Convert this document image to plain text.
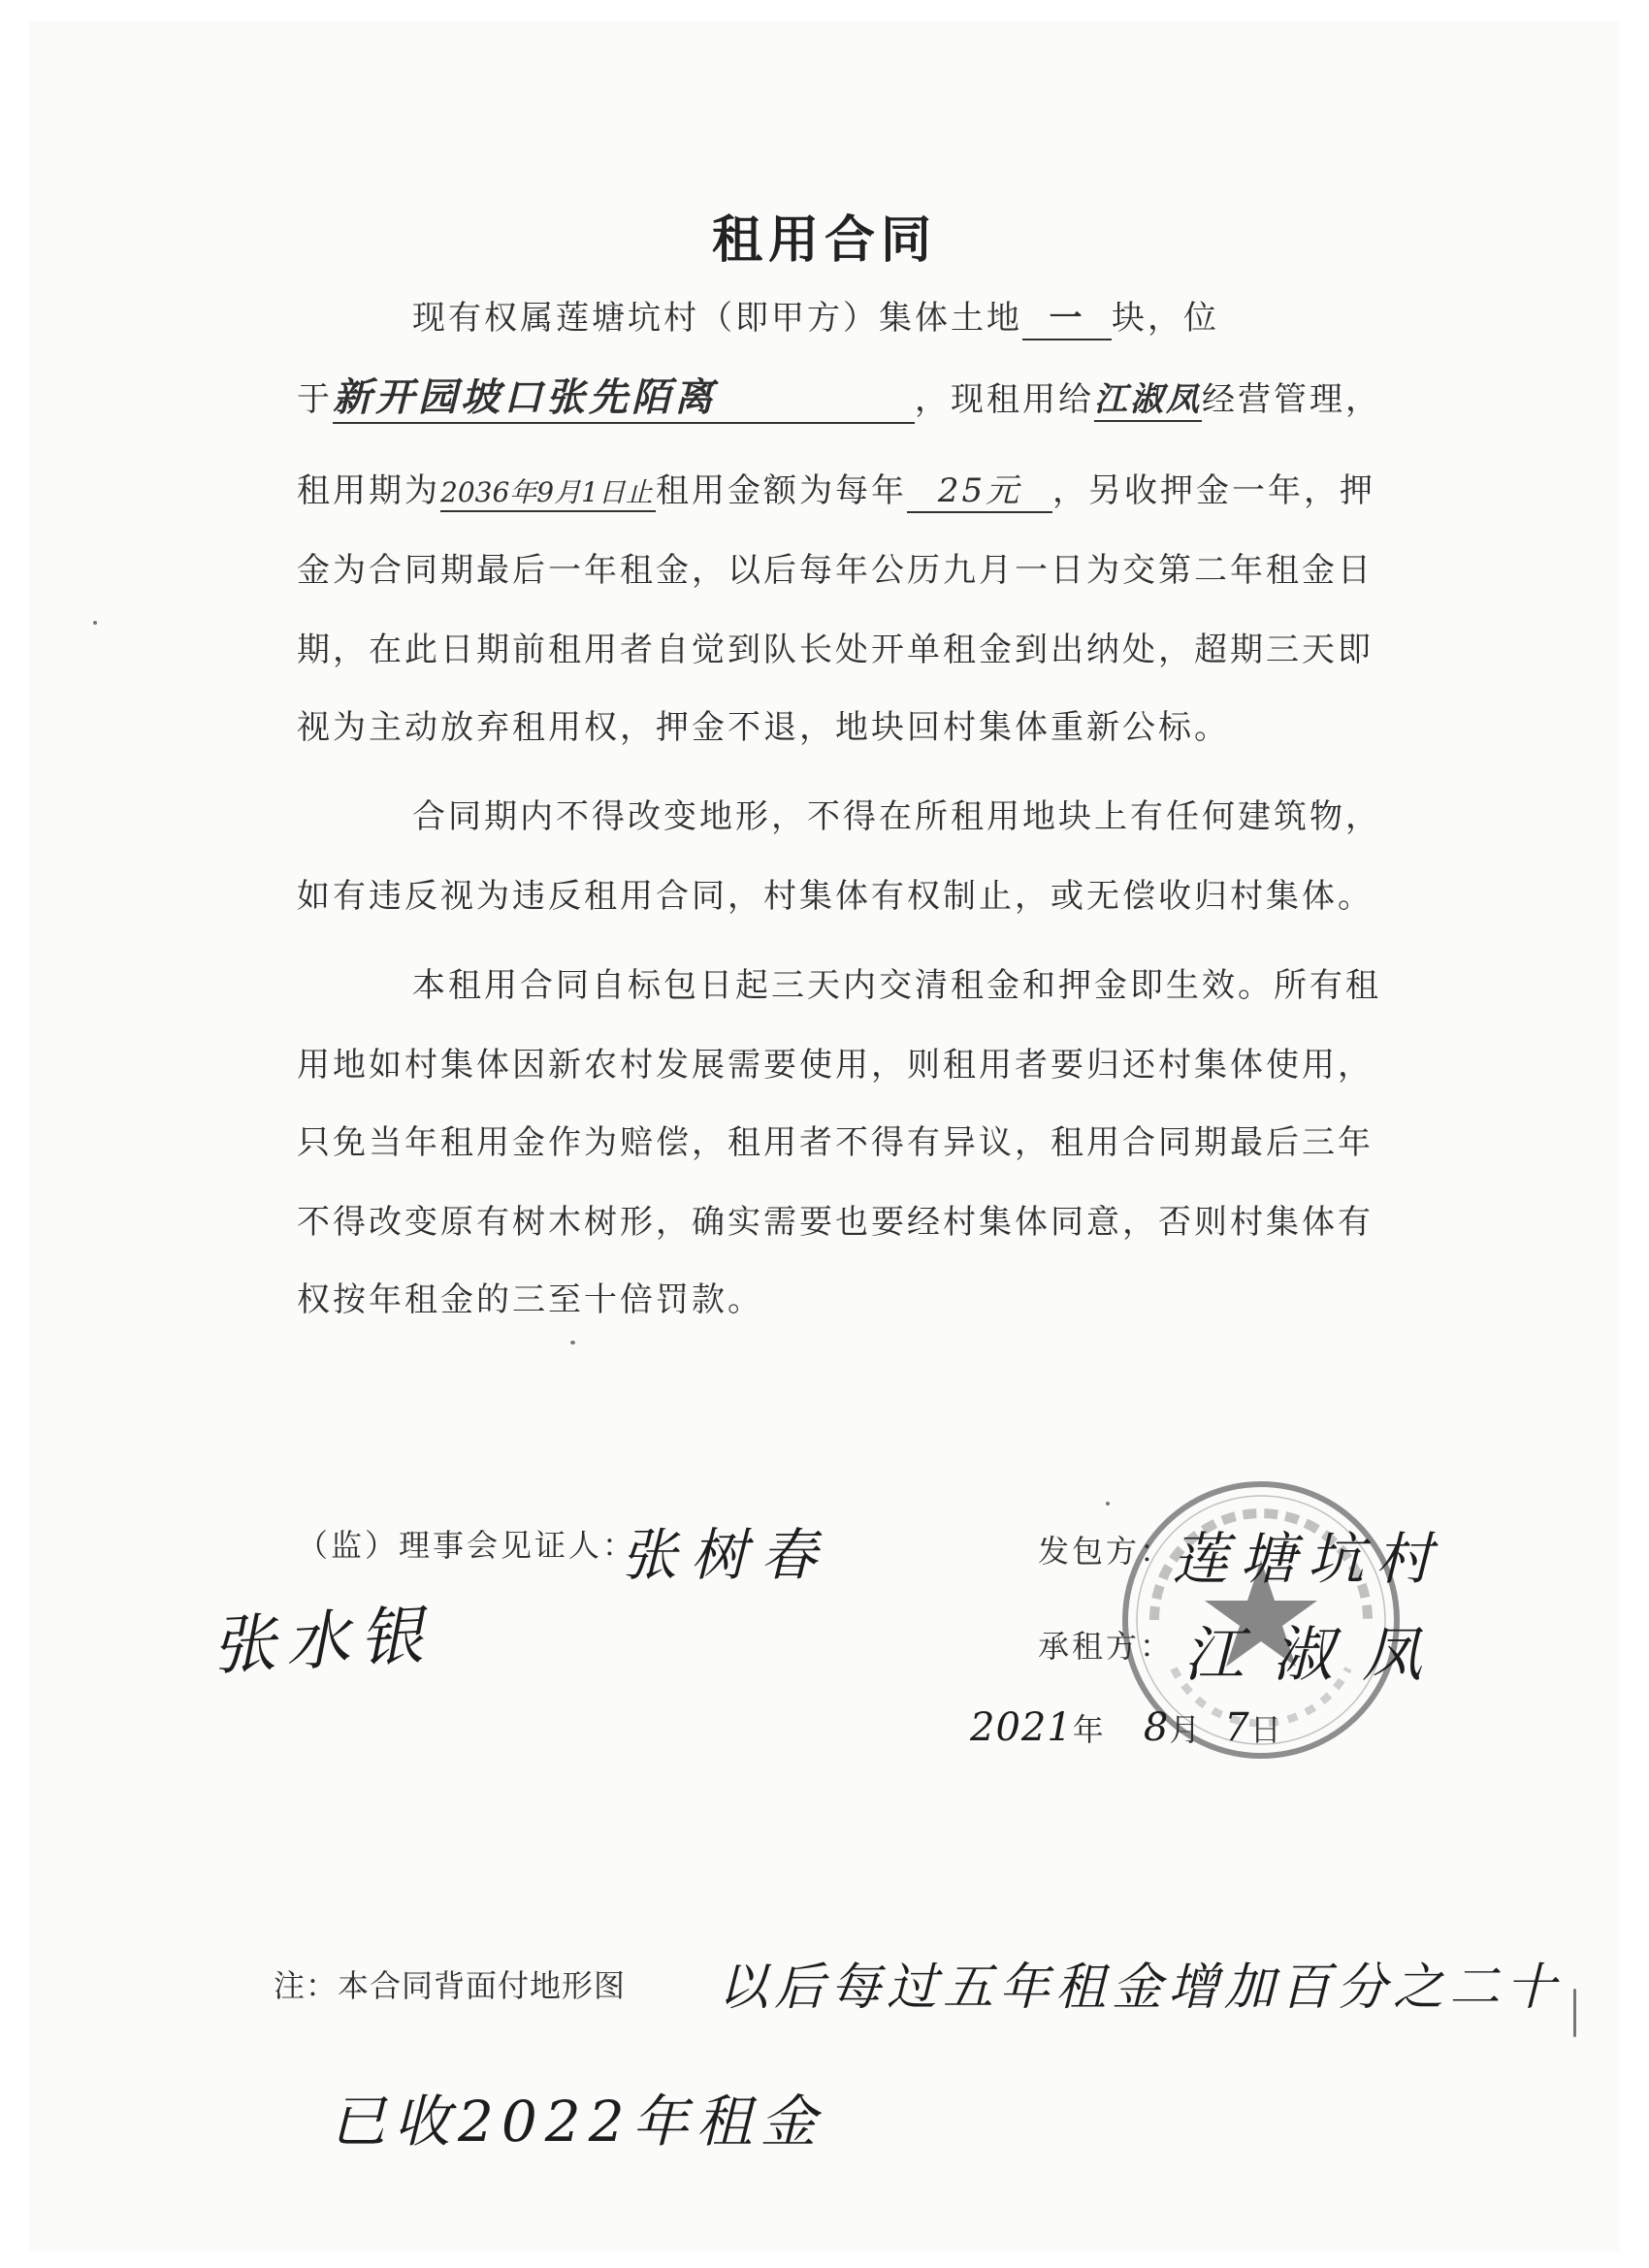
租用合同
现有权属莲塘坑村（即甲方）集体土地 一 块，位
于新开园坡口张先陌离	，现租用给江淑凤经营管理，
租用期为2036年9月1日止租用金额为每年 25元 ，另收押金一年，押
金为合同期最后一年租金，以后每年公历九月一日为交第二年租金日
期，在此日期前租用者自觉到队长处开单租金到出纳处，超期三天即
视为主动放弃租用权，押金不退，地块回村集体重新公标。
合同期内不得改变地形，不得在所租用地块上有任何建筑物，
如有违反视为违反租用合同，村集体有权制止，或无偿收归村集体。
本租用合同自标包日起三天内交清租金和押金即生效。所有租
用地如村集体因新农村发展需要使用，则租用者要归还村集体使用，
只免当年租用金作为赔偿，租用者不得有异议，租用合同期最后三年
不得改变原有树木树形，确实需要也要经村集体同意，否则村集体有
权按年租金的三至十倍罚款。
（监）理事会见证人：
张树春
张水银
发包方：
莲塘坑村
承租方： 江淑凤
2021年 8月 7日
注：本合同背面付地形图 以后每过五年租金增加百分之二十
已收2022年租金
